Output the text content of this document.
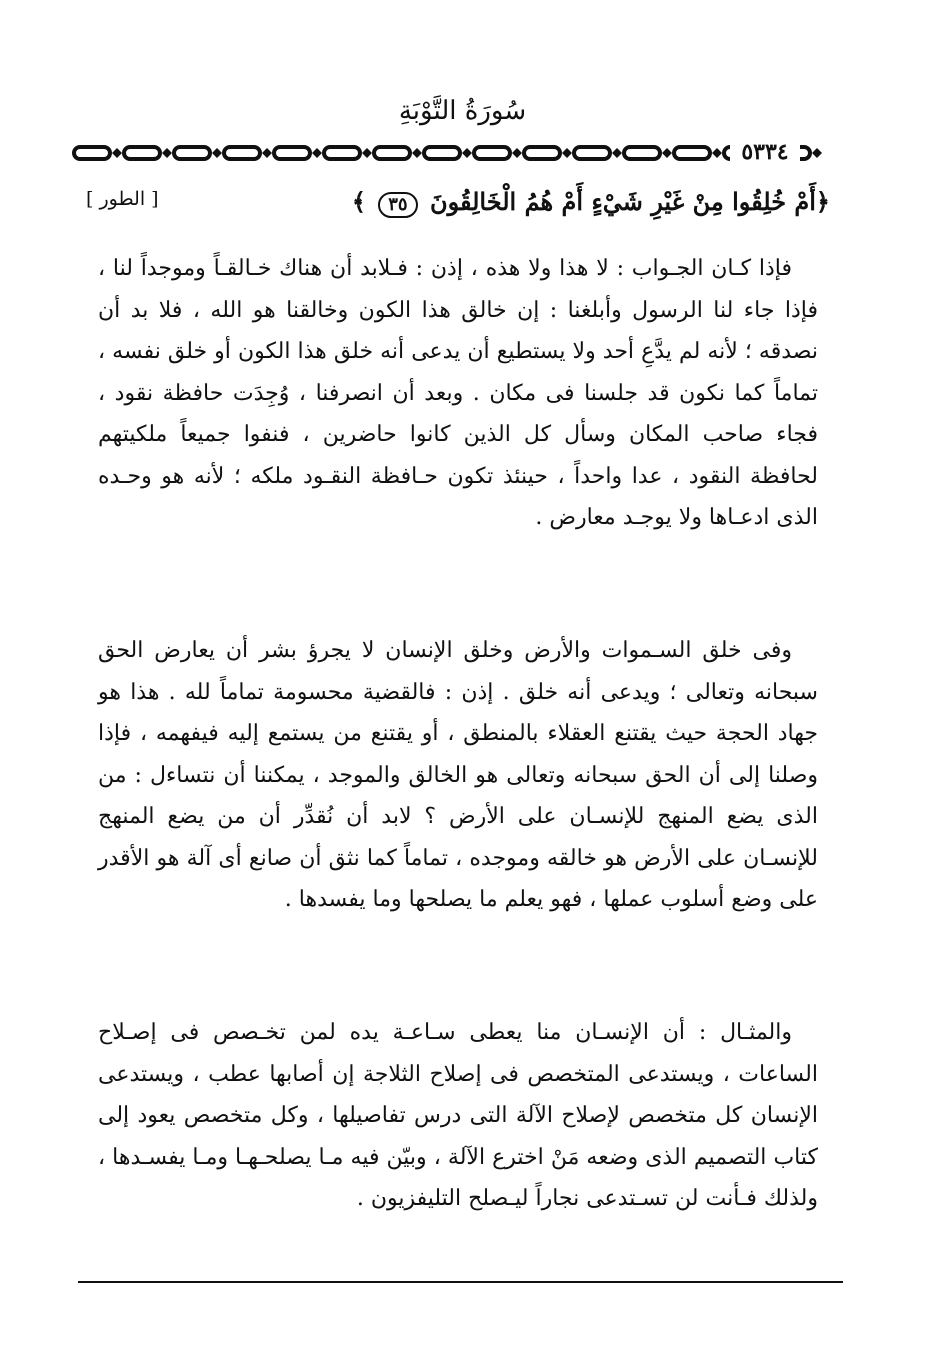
سُورَةُ التَّوْبَةِ
٥٣٣٤
﴿أَمْ خُلِقُوا مِنْ غَيْرِ شَيْءٍ أَمْ هُمُ الْخَالِقُونَ ٣٥ ﴾
[ الطور ]

فإذا كـان الجـواب : لا هذا ولا هذه ، إذن : فـلابد أن هناك خـالقـاً وموجداً لنا ، فإذا جاء لنا الرسول وأبلغنا : إن خالق هذا الكون وخالقنا هو الله ، فلا بد أن نصدقه ؛ لأنه لم يدَّعِ أحد ولا يستطيع أن يدعى أنه خلق هذا الكون أو خلق نفسه ، تماماً كما نكون قد جلسنا فى مكان . وبعد أن انصرفنا ، وُجِدَت حافظة نقود ، فجاء صاحب المكان وسأل كل الذين كانوا حاضرين ، فنفوا جميعاً ملكيتهم لحافظة النقود ، عدا واحداً ، حينئذ تكون حـافظة النقـود ملكه ؛ لأنه هو وحـده الذى ادعـاها ولا يوجـد معارض .

وفى خلق السـموات والأرض وخلق الإنسان لا يجرؤ بشر أن يعارض الحق سبحانه وتعالى ؛ ويدعى أنه خلق . إذن : فالقضية محسومة تماماً لله . هذا هو جهاد الحجة حيث يقتنع العقلاء بالمنطق ، أو يقتنع من يستمع إليه فيفهمه ، فإذا وصلنا إلى أن الحق سبحانه وتعالى هو الخالق والموجد ، يمكننا أن نتساءل : من الذى يضع المنهج للإنسـان على الأرض ؟ لابد أن نُقدِّر أن من يضع المنهج للإنسـان على الأرض هو خالقه وموجده ، تماماً كما نثق أن صانع أى آلة هو الأقدر على وضع أسلوب عملها ، فهو يعلم ما يصلحها وما يفسدها .

والمثـال : أن الإنسـان منا يعطى سـاعـة يده لمن تخـصص فى إصـلاح الساعات ، ويستدعى المتخصص فى إصلاح الثلاجة إن أصابها عطب ، ويستدعى الإنسان كل متخصص لإصلاح الآلة التى درس تفاصيلها ، وكل متخصص يعود إلى كتاب التصميم الذى وضعه مَنْ اخترع الآلة ، وبيّن فيه مـا يصلحـهـا ومـا يفسـدها ، ولذلك فـأنت لن تسـتدعى نجاراً ليـصلح التليفزيون .
